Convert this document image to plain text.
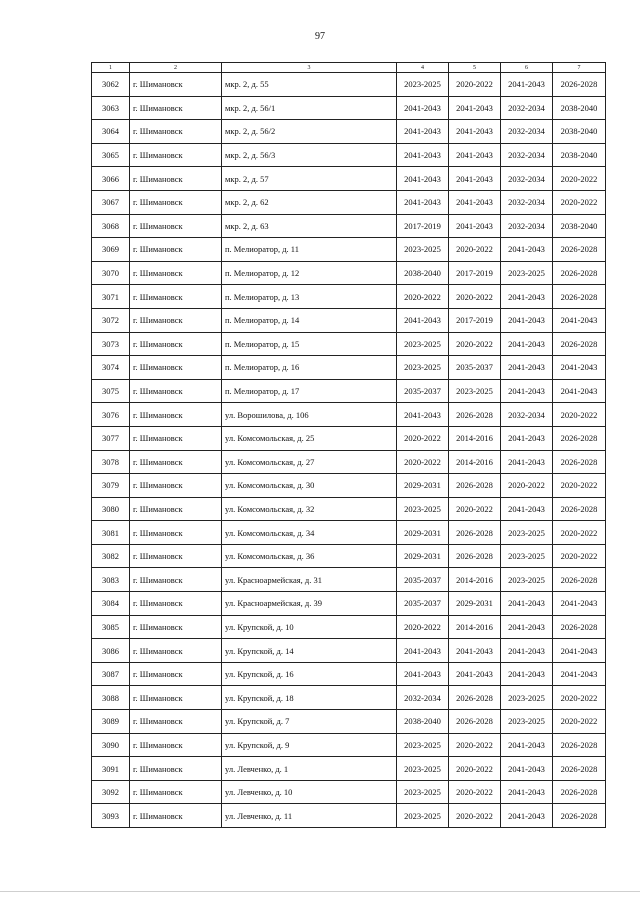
97
1	2	3	4	5	6	7
3062	г. Шимановск	мкр. 2, д. 55	2023-2025	2020-2022	2041-2043	2026-2028
3063	г. Шимановск	мкр. 2, д. 56/1	2041-2043	2041-2043	2032-2034	2038-2040
3064	г. Шимановск	мкр. 2, д. 56/2	2041-2043	2041-2043	2032-2034	2038-2040
3065	г. Шимановск	мкр. 2, д. 56/3	2041-2043	2041-2043	2032-2034	2038-2040
3066	г. Шимановск	мкр. 2, д. 57	2041-2043	2041-2043	2032-2034	2020-2022
3067	г. Шимановск	мкр. 2, д. 62	2041-2043	2041-2043	2032-2034	2020-2022
3068	г. Шимановск	мкр. 2, д. 63	2017-2019	2041-2043	2032-2034	2038-2040
3069	г. Шимановск	п. Мелиоратор, д. 11	2023-2025	2020-2022	2041-2043	2026-2028
3070	г. Шимановск	п. Мелиоратор, д. 12	2038-2040	2017-2019	2023-2025	2026-2028
3071	г. Шимановск	п. Мелиоратор, д. 13	2020-2022	2020-2022	2041-2043	2026-2028
3072	г. Шимановск	п. Мелиоратор, д. 14	2041-2043	2017-2019	2041-2043	2041-2043
3073	г. Шимановск	п. Мелиоратор, д. 15	2023-2025	2020-2022	2041-2043	2026-2028
3074	г. Шимановск	п. Мелиоратор, д. 16	2023-2025	2035-2037	2041-2043	2041-2043
3075	г. Шимановск	п. Мелиоратор, д. 17	2035-2037	2023-2025	2041-2043	2041-2043
3076	г. Шимановск	ул. Ворошилова, д. 106	2041-2043	2026-2028	2032-2034	2020-2022
3077	г. Шимановск	ул. Комсомольская, д. 25	2020-2022	2014-2016	2041-2043	2026-2028
3078	г. Шимановск	ул. Комсомольская, д. 27	2020-2022	2014-2016	2041-2043	2026-2028
3079	г. Шимановск	ул. Комсомольская, д. 30	2029-2031	2026-2028	2020-2022	2020-2022
3080	г. Шимановск	ул. Комсомольская, д. 32	2023-2025	2020-2022	2041-2043	2026-2028
3081	г. Шимановск	ул. Комсомольская, д. 34	2029-2031	2026-2028	2023-2025	2020-2022
3082	г. Шимановск	ул. Комсомольская, д. 36	2029-2031	2026-2028	2023-2025	2020-2022
3083	г. Шимановск	ул. Красноармейская, д. 31	2035-2037	2014-2016	2023-2025	2026-2028
3084	г. Шимановск	ул. Красноармейская, д. 39	2035-2037	2029-2031	2041-2043	2041-2043
3085	г. Шимановск	ул. Крупской, д. 10	2020-2022	2014-2016	2041-2043	2026-2028
3086	г. Шимановск	ул. Крупской, д. 14	2041-2043	2041-2043	2041-2043	2041-2043
3087	г. Шимановск	ул. Крупской, д. 16	2041-2043	2041-2043	2041-2043	2041-2043
3088	г. Шимановск	ул. Крупской, д. 18	2032-2034	2026-2028	2023-2025	2020-2022
3089	г. Шимановск	ул. Крупской, д. 7	2038-2040	2026-2028	2023-2025	2020-2022
3090	г. Шимановск	ул. Крупской, д. 9	2023-2025	2020-2022	2041-2043	2026-2028
3091	г. Шимановск	ул. Левченко, д. 1	2023-2025	2020-2022	2041-2043	2026-2028
3092	г. Шимановск	ул. Левченко, д. 10	2023-2025	2020-2022	2041-2043	2026-2028
3093	г. Шимановск	ул. Левченко, д. 11	2023-2025	2020-2022	2041-2043	2026-2028
